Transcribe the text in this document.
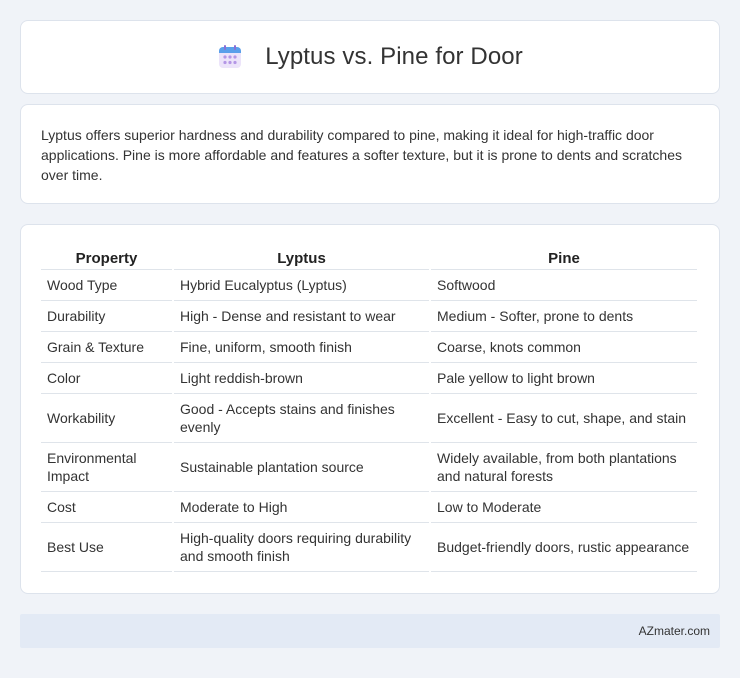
Lyptus vs. Pine for Door

Lyptus offers superior hardness and durability compared to pine, making it ideal for high-traffic door applications. Pine is more affordable and features a softer texture, but it is prone to dents and scratches over time.

Property	Lyptus	Pine
Wood Type	Hybrid Eucalyptus (Lyptus)	Softwood
Durability	High - Dense and resistant to wear	Medium - Softer, prone to dents
Grain & Texture	Fine, uniform, smooth finish	Coarse, knots common
Color	Light reddish-brown	Pale yellow to light brown
Workability	Good - Accepts stains and finishes evenly	Excellent - Easy to cut, shape, and stain
Environmental Impact	Sustainable plantation source	Widely available, from both plantations and natural forests
Cost	Moderate to High	Low to Moderate
Best Use	High-quality doors requiring durability and smooth finish	Budget-friendly doors, rustic appearance
AZmater.com
